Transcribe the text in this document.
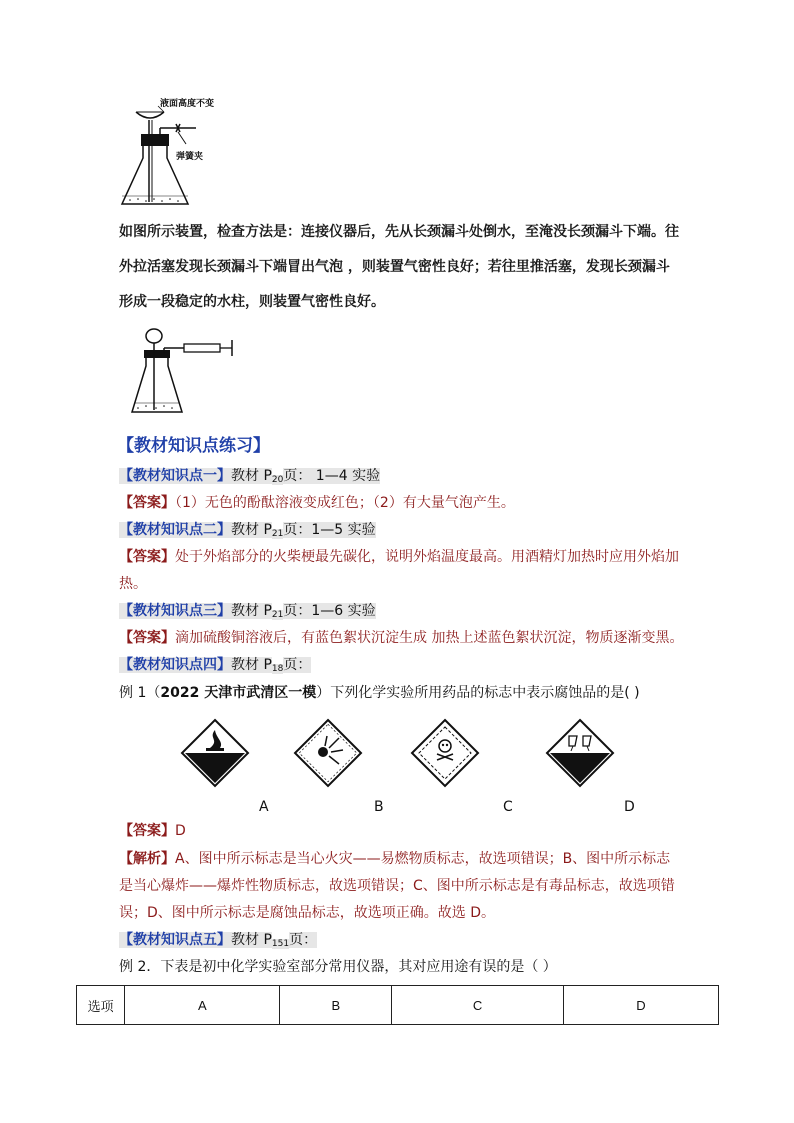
液面高度不变
弹簧夹
如图所示装置，检查方法是：连接仪器后，先从长颈漏斗处倒水，至淹没长颈漏斗下端。往
外拉活塞发现长颈漏斗下端冒出气泡 ，则装置气密性良好；若往里推活塞，发现长颈漏斗
形成一段稳定的水柱，则装置气密性良好。
【教材知识点练习】
【教材知识点一】教材 $P_{20}$页： 1—4 实验
【答案】（1）无色的酚酞溶液变成红色；（2）有大量气泡产生。
【教材知识点二】教材 $P_{21}$页：1—5 实验
【答案】处于外焰部分的火柴梗最先碳化，说明外焰温度最高。用酒精灯加热时应用外焰加
热。
【教材知识点三】教材 $P_{21}$页：1—6 实验
【答案】滴加硫酸铜溶液后，有蓝色絮状沉淀生成 加热上述蓝色絮状沉淀，物质逐渐变黑。
【教材知识点四】教材 $P_{18}$页：
例 1（2022 天津市武清区一模）下列化学实验所用药品的标志中表示腐蚀品的是( )
A	B	C	D
【答案】D
【解析】A、图中所示标志是当心火灾——易燃物质标志，故选项错误；B、图中所示标志
是当心爆炸——爆炸性物质标志，故选项错误；C、图中所示标志是有毒品标志，故选项错
误；D、图中所示标志是腐蚀品标志，故选项正确。故选 D。
【教材知识点五】教材 $P_{151}$页：
例 2．下表是初中化学实验室部分常用仪器，其对应用途有误的是（ ）
选项	A	B	C	D
